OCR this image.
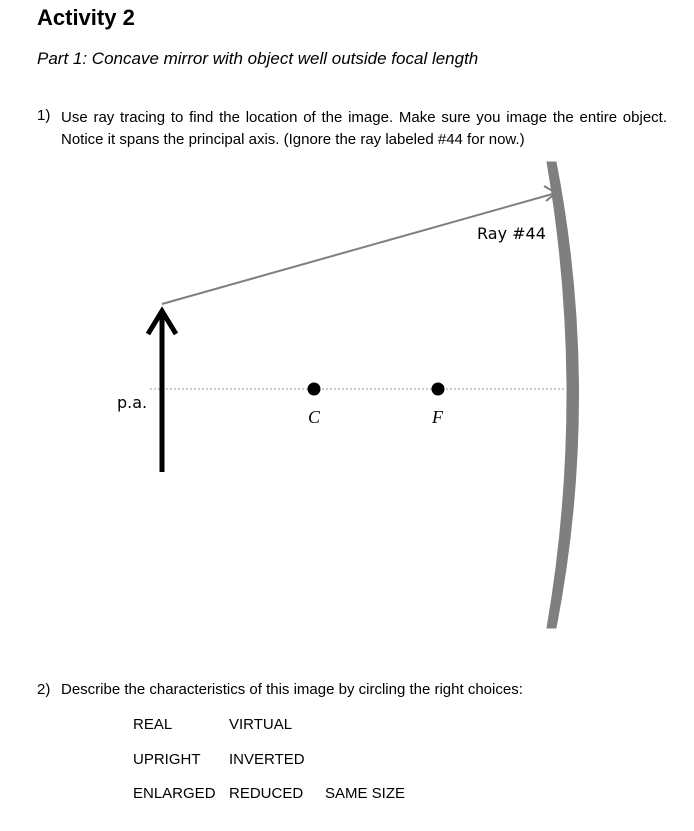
Activity 2

Part 1: Concave mirror with object well outside focal length

1) Use ray tracing to find the location of the image. Make sure you image the entire object. Notice it spans the principal axis. (Ignore the ray labeled #44 for now.)

Ray #44
p.a.
C	F
2) Describe the characteristics of this image by circling the right choices:

REAL	VIRTUAL
UPRIGHT INVERTED
ENLARGED REDUCED SAME SIZE
